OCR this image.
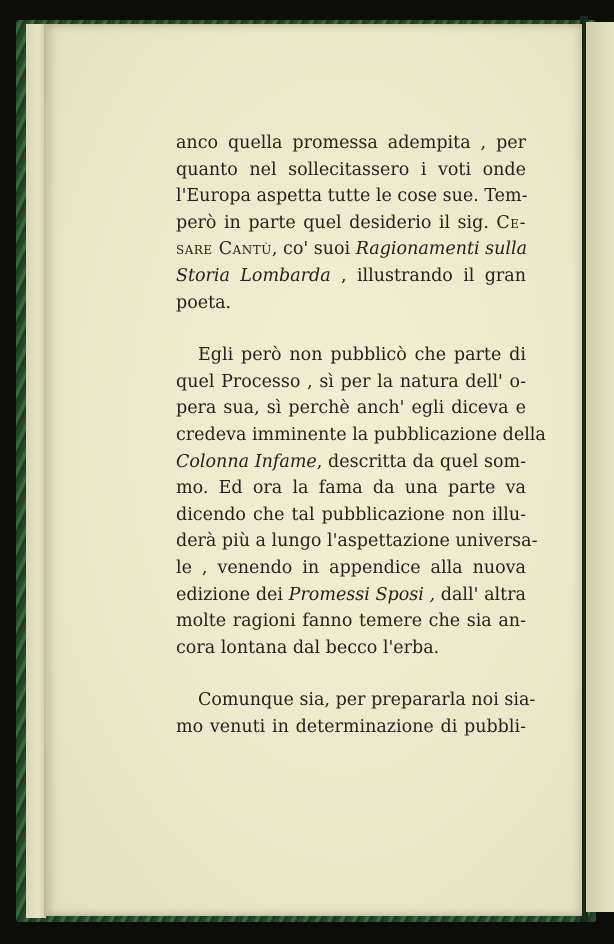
anco quella promessa adempita , per
quanto nel sollecitassero i voti onde
l'Europa aspetta tutte le cose sue. Tem-
però in parte quel desiderio il sig. Ce-
sare Cantù, co' suoi Ragionamenti sulla
Storia Lombarda , illustrando il gran
poeta.
Egli però non pubblicò che parte di
quel Processo , sì per la natura dell' o-
pera sua, sì perchè anch' egli diceva e
credeva imminente la pubblicazione della
Colonna Infame, descritta da quel som-
mo. Ed ora la fama da una parte va
dicendo che tal pubblicazione non illu-
derà più a lungo l'aspettazione universa-
le , venendo in appendice alla nuova
edizione dei Promessi Sposi , dall' altra
molte ragioni fanno temere che sia an-
cora lontana dal becco l'erba.
Comunque sia, per prepararla noi sia-
mo venuti in determinazione di pubbli-
